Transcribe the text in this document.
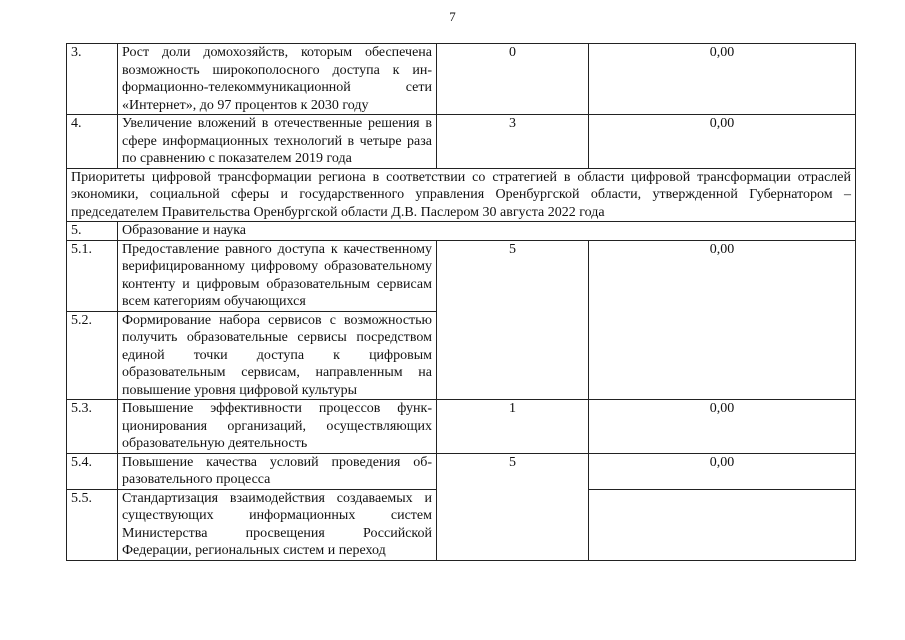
7
3.	Рост доли домохозяйств, которым обеспечена возможность широкополосного доступа к информационно-телекоммуникационной сети «Интернет», до 97 процентов к 2030 году	0	0,00
4.	Увеличение вложений в отечественные решения в сфере информационных технологий в четыре раза по сравнению с показателем 2019 года	3	0,00
Приоритеты цифровой трансформации региона в соответствии со стратегией в области цифровой трансформации отраслей экономики, социальной сферы и государственного управления Оренбургской области, утвержденной Губернатором – председателем Правительства Оренбургской области Д.В. Паслером 30 августа 2022 года			
5.	Образование и наука		
5.1.	Предоставление равного доступа к качественному верифицированному цифровому образовательному контенту и цифровым образовательным сервисам всем категориям обучающихся	5	0,00
5.2.	Формирование набора сервисов с возможностью получить образовательные сервисы посредством единой точки доступа к цифровым образовательным сервисам, направленным на повышение уровня цифровой культуры		
5.3.	Повышение эффективности процессов функционирования организаций, осуществляющих образовательную деятельность	1	0,00
5.4.	Повышение качества условий проведения образовательного процесса	5	0,00
5.5.	Стандартизация взаимодействия создаваемых и существующих информационных систем Министерства просвещения Российской Федерации, региональных систем и переход		
